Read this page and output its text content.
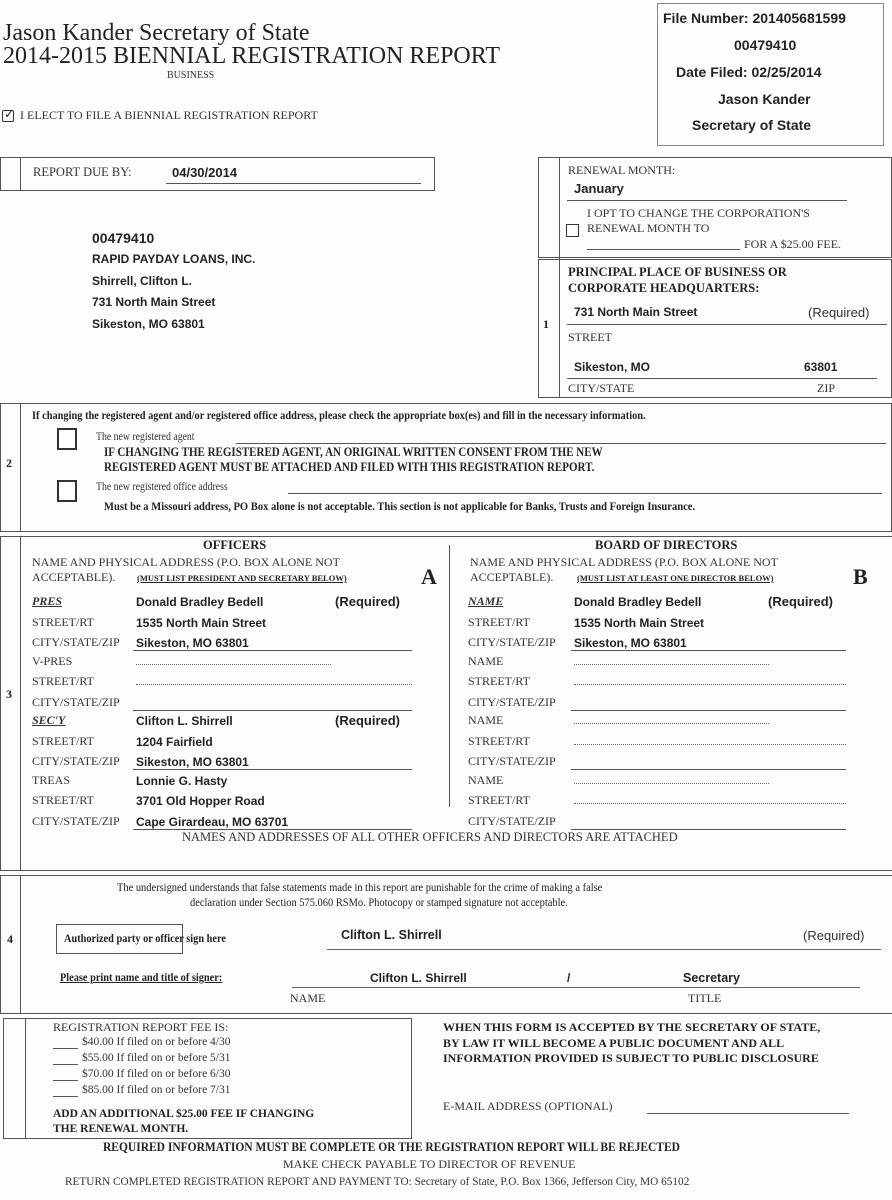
Jason Kander Secretary of State
2014-2015 BIENNIAL REGISTRATION REPORT
BUSINESS
✓ I ELECT TO FILE A BIENNIAL REGISTRATION REPORT
File Number: 201405681599
00479410
Date Filed: 02/25/2014
Jason Kander
Secretary of State
REPORT DUE BY:	04/30/2014
00479410
RAPID PAYDAY LOANS, INC.
Shirrell, Clifton L.
731 North Main Street
Sikeston, MO 63801
RENEWAL MONTH:
January
I OPT TO CHANGE THE CORPORATION'S
RENEWAL MONTH TO
FOR A $25.00 FEE.
1
PRINCIPAL PLACE OF BUSINESS OR
CORPORATE HEADQUARTERS:
731 North Main Street	(Required)
STREET
Sikeston, MO	63801
CITY/STATE	ZIP
2
If changing the registered agent and/or registered office address, please check the appropriate box(es) and fill in the necessary information.
The new registered agent
IF CHANGING THE REGISTERED AGENT, AN ORIGINAL WRITTEN CONSENT FROM THE NEW
REGISTERED AGENT MUST BE ATTACHED AND FILED WITH THIS REGISTRATION REPORT.
The new registered office address
Must be a Missouri address, PO Box alone is not acceptable. This section is not applicable for Banks, Trusts and Foreign Insurance.
3
OFFICERS
NAME AND PHYSICAL ADDRESS (P.O. BOX ALONE NOT
ACCEPTABLE).	(MUST LIST PRESIDENT AND SECRETARY BELOW)	A
PRES	Donald Bradley Bedell	(Required)
STREET/RT	1535 North Main Street
CITY/STATE/ZIP Sikeston, MO 63801
V-PRES
STREET/RT
CITY/STATE/ZIP
SEC'Y	Clifton L. Shirrell	(Required)
STREET/RT	1204 Fairfield
CITY/STATE/ZIP Sikeston, MO 63801
TREAS	Lonnie G. Hasty
STREET/RT	3701 Old Hopper Road
CITY/STATE/ZIP Cape Girardeau, MO 63701
BOARD OF DIRECTORS
NAME AND PHYSICAL ADDRESS (P.O. BOX ALONE NOT
ACCEPTABLE).	(MUST LIST AT LEAST ONE DIRECTOR BELOW)	B
NAME	Donald Bradley Bedell	(Required)
STREET/RT	1535 North Main Street
CITY/STATE/ZIP Sikeston, MO 63801
NAME
STREET/RT
CITY/STATE/ZIP
NAME
STREET/RT
CITY/STATE/ZIP
NAME
STREET/RT
CITY/STATE/ZIP
NAMES AND ADDRESSES OF ALL OTHER OFFICERS AND DIRECTORS ARE ATTACHED
4
The undersigned understands that false statements made in this report are punishable for the crime of making a false
declaration under Section 575.060 RSMo. Photocopy or stamped signature not acceptable.
Authorized party or officer sign here	Clifton L. Shirrell	(Required)
Please print name and title of signer:	Clifton L. Shirrell	/	Secretary
NAME	TITLE
REGISTRATION REPORT FEE IS:
$40.00 If filed on or before 4/30
$55.00 If filed on or before 5/31
$70.00 If filed on or before 6/30
$85.00 If filed on or before 7/31
ADD AN ADDITIONAL $25.00 FEE IF CHANGING
THE RENEWAL MONTH.
WHEN THIS FORM IS ACCEPTED BY THE SECRETARY OF STATE,
BY LAW IT WILL BECOME A PUBLIC DOCUMENT AND ALL
INFORMATION PROVIDED IS SUBJECT TO PUBLIC DISCLOSURE
E-MAIL ADDRESS (OPTIONAL)
REQUIRED INFORMATION MUST BE COMPLETE OR THE REGISTRATION REPORT WILL BE REJECTED
MAKE CHECK PAYABLE TO DIRECTOR OF REVENUE
RETURN COMPLETED REGISTRATION REPORT AND PAYMENT TO: Secretary of State, P.O. Box 1366, Jefferson City, MO 65102
